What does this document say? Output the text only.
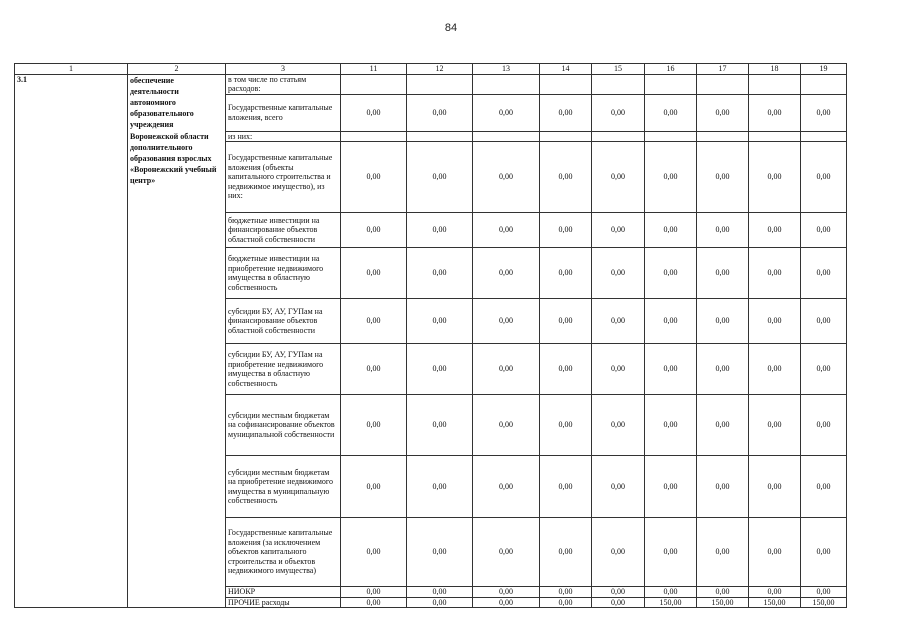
84
1	2	3	11	12	13	14	15	16	17	18	19
3.1	обеспечение деятельности автономного образовательного учреждения Воронежской области дополнительного образования взрослых «Воронежский учебный центр»	в том числе по статьям расходов:									
		Государственные капитальные вложения, всего	0,00	0,00	0,00	0,00	0,00	0,00	0,00	0,00	0,00
		из них:									
		Государственные капитальные вложения (объекты капитального строительства и недвижимое имущество), из них:	0,00	0,00	0,00	0,00	0,00	0,00	0,00	0,00	0,00
		бюджетные инвестиции на финансирование объектов областной собственности	0,00	0,00	0,00	0,00	0,00	0,00	0,00	0,00	0,00
		бюджетные инвестиции на приобретение недвижимого имущества в областную собственность	0,00	0,00	0,00	0,00	0,00	0,00	0,00	0,00	0,00
		субсидии БУ, АУ, ГУПам на финансирование объектов областной собственности	0,00	0,00	0,00	0,00	0,00	0,00	0,00	0,00	0,00
		субсидии БУ, АУ, ГУПам на приобретение недвижимого имущества в областную собственность	0,00	0,00	0,00	0,00	0,00	0,00	0,00	0,00	0,00
		субсидии местным бюджетам на софинансирование объектов муниципальной собственности	0,00	0,00	0,00	0,00	0,00	0,00	0,00	0,00	0,00
		субсидии местным бюджетам на приобретение недвижимого имущества в муниципальную собственность	0,00	0,00	0,00	0,00	0,00	0,00	0,00	0,00	0,00
		Государственные капитальные вложения (за исключением объектов капитального строительства и объектов недвижимого имущества)	0,00	0,00	0,00	0,00	0,00	0,00	0,00	0,00	0,00
		НИОКР	0,00	0,00	0,00	0,00	0,00	0,00	0,00	0,00	0,00
		ПРОЧИЕ расходы	0,00	0,00	0,00	0,00	0,00	150,00	150,00	150,00	150,00
